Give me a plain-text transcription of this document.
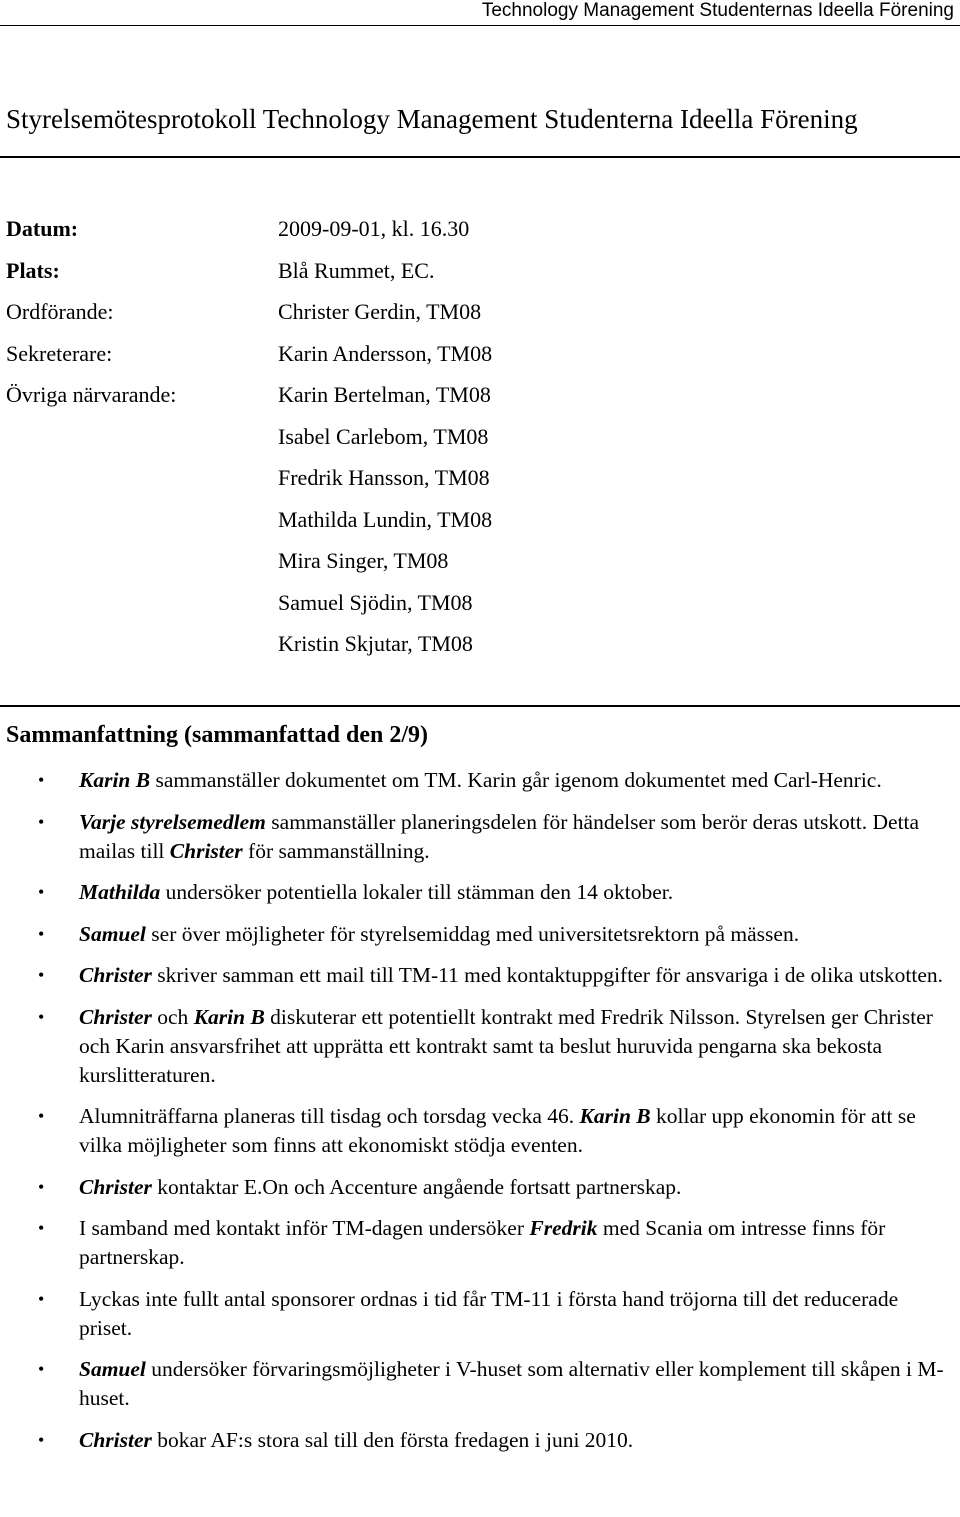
Technology Management Studenternas Ideella Förening
Styrelsemötesprotokoll Technology Management Studenterna Ideella Förening
Datum:	2009-09-01, kl. 16.30
Plats:	Blå Rummet, EC.
Ordförande:	Christer Gerdin, TM08
Sekreterare:	Karin Andersson, TM08
Övriga närvarande:	Karin Bertelman, TM08
Isabel Carlebom, TM08
Fredrik Hansson, TM08
Mathilda Lundin, TM08
Mira Singer, TM08
Samuel Sjödin, TM08
Kristin Skjutar, TM08
Sammanfattning (sammanfattad den 2/9)
• Karin B sammanställer dokumentet om TM. Karin går igenom dokumentet med Carl-Henric.
• Varje styrelsemedlem sammanställer planeringsdelen för händelser som berör deras utskott. Detta mailas till Christer för sammanställning.
• Mathilda undersöker potentiella lokaler till stämman den 14 oktober.
• Samuel ser över möjligheter för styrelsemiddag med universitetsrektorn på mässen.
• Christer skriver samman ett mail till TM-11 med kontaktuppgifter för ansvariga i de olika utskotten.
• Christer och Karin B diskuterar ett potentiellt kontrakt med Fredrik Nilsson. Styrelsen ger Christer och Karin ansvarsfrihet att upprätta ett kontrakt samt ta beslut huruvida pengarna ska bekosta kurslitteraturen.
• Alumniträffarna planeras till tisdag och torsdag vecka 46. Karin B kollar upp ekonomin för att se vilka möjligheter som finns att ekonomiskt stödja eventen.
• Christer kontaktar E.On och Accenture angående fortsatt partnerskap.
• I samband med kontakt inför TM-dagen undersöker Fredrik med Scania om intresse finns för partnerskap.
• Lyckas inte fullt antal sponsorer ordnas i tid får TM-11 i första hand tröjorna till det reducerade priset.
• Samuel undersöker förvaringsmöjligheter i V-huset som alternativ eller komplement till skåpen i M-huset.
• Christer bokar AF:s stora sal till den första fredagen i juni 2010.
